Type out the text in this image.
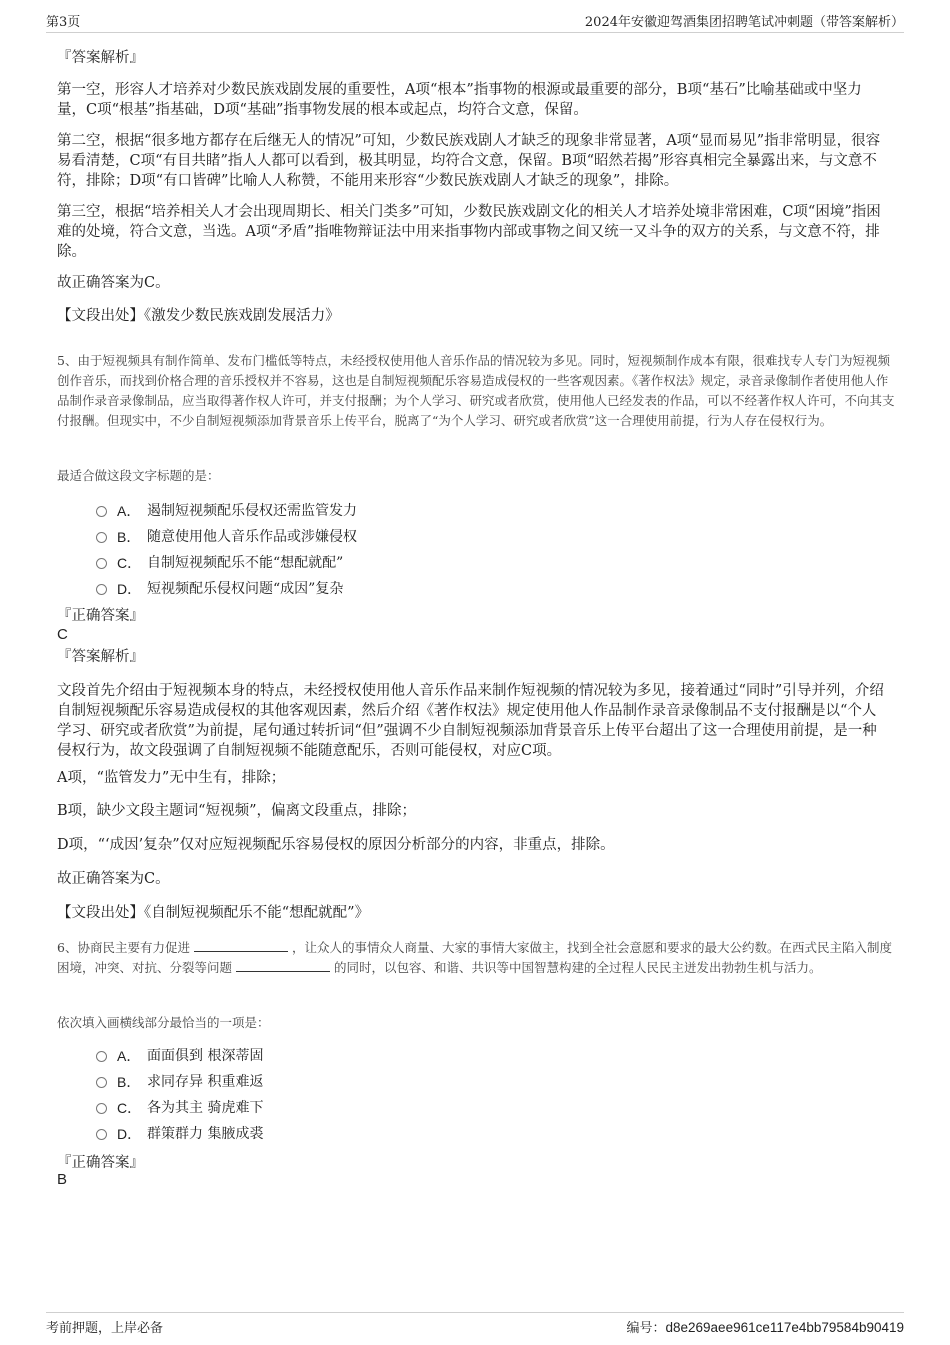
第3页	2024年安徽迎驾酒集团招聘笔试冲刺题（带答案解析）
『答案解析』
第一空，形容人才培养对少数民族戏剧发展的重要性，A项“根本”指事物的根源或最重要的部分，B项“基石”比喻基础或中坚力量，C项“根基”指基础，D项“基础”指事物发展的根本或起点，均符合文意，保留。
第二空，根据“很多地方都存在后继无人的情况”可知，少数民族戏剧人才缺乏的现象非常显著，A项“显而易见”指非常明显，很容易看清楚，C项“有目共睹”指人人都可以看到，极其明显，均符合文意，保留。B项“昭然若揭”形容真相完全暴露出来，与文意不符，排除；D项“有口皆碑”比喻人人称赞，不能用来形容“少数民族戏剧人才缺乏的现象”，排除。
第三空，根据“培养相关人才会出现周期长、相关门类多”可知，少数民族戏剧文化的相关人才培养处境非常困难，C项“困境”指困难的处境，符合文意，当选。A项“矛盾”指唯物辩证法中用来指事物内部或事物之间又统一又斗争的双方的关系，与文意不符，排除。
故正确答案为C。
【文段出处】《激发少数民族戏剧发展活力》
5、由于短视频具有制作简单、发布门槛低等特点，未经授权使用他人音乐作品的情况较为多见。同时，短视频制作成本有限，很难找专人专门为短视频创作音乐，而找到价格合理的音乐授权并不容易，这也是自制短视频配乐容易造成侵权的一些客观因素。《著作权法》规定，录音录像制作者使用他人作品制作录音录像制品，应当取得著作权人许可，并支付报酬；为个人学习、研究或者欣赏，使用他人已经发表的作品，可以不经著作权人许可，不向其支付报酬。但现实中，不少自制短视频添加背景音乐上传平台，脱离了“为个人学习、研究或者欣赏”这一合理使用前提，行为人存在侵权行为。
最适合做这段文字标题的是：
A． 遏制短视频配乐侵权还需监管发力
B． 随意使用他人音乐作品或涉嫌侵权
C． 自制短视频配乐不能“想配就配”
D． 短视频配乐侵权问题“成因”复杂
『正确答案』
C
『答案解析』
文段首先介绍由于短视频本身的特点，未经授权使用他人音乐作品来制作短视频的情况较为多见，接着通过“同时”引导并列，介绍自制短视频配乐容易造成侵权的其他客观因素，然后介绍《著作权法》规定使用他人作品制作录音录像制品不支付报酬是以“个人学习、研究或者欣赏”为前提，尾句通过转折词“但”强调不少自制短视频添加背景音乐上传平台超出了这一合理使用前提，是一种侵权行为，故文段强调了自制短视频不能随意配乐，否则可能侵权，对应C项。
A项，“监管发力”无中生有，排除；
B项，缺少文段主题词“短视频”，偏离文段重点，排除；
D项，“‘成因’复杂”仅对应短视频配乐容易侵权的原因分析部分的内容，非重点，排除。
故正确答案为C。
【文段出处】《自制短视频配乐不能“想配就配”》
6、协商民主要有力促进	，让众人的事情众人商量、大家的事情大家做主，找到全社会意愿和要求的最大公约数。在西式民主陷入制度困境，冲突、对抗、分裂等问题	的同时，以包容、和谐、共识等中国智慧构建的全过程人民民主迸发出勃勃生机与活力。
依次填入画横线部分最恰当的一项是：
A． 面面俱到 根深蒂固
B． 求同存异 积重难返
C． 各为其主 骑虎难下
D． 群策群力 集腋成裘
『正确答案』
B
考前押题，上岸必备	编号：d8e269aee961ce117e4bb79584b90419
